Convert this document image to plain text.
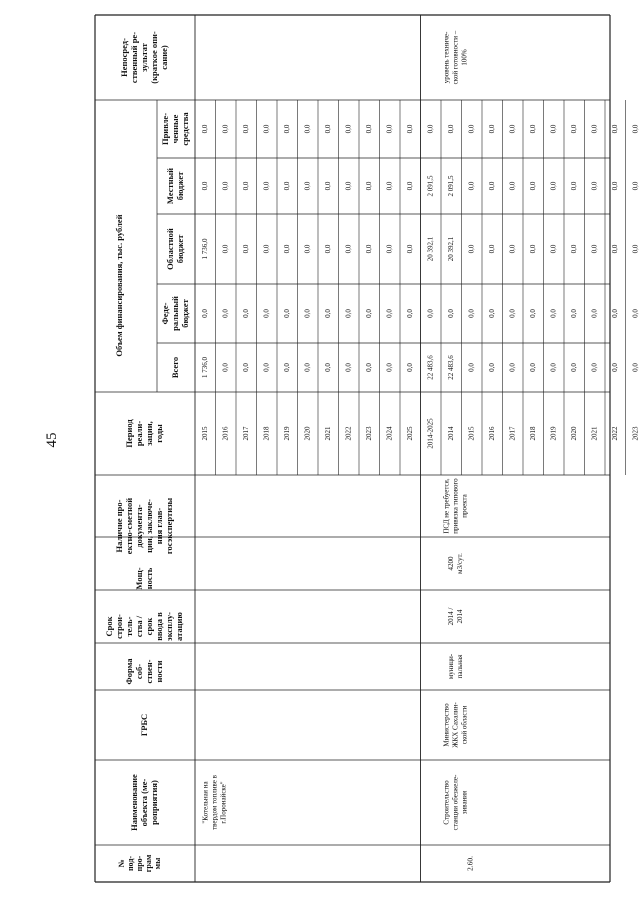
45
Непосред- ственный ре- зультат (краткое опи- сание)
Объем финансирования, тыс. рублей
Привле- ченные средства
Местный бюджет
Областной бюджет
Феде- ральный бюджет
Всего
Период реали- зации, годы
Наличие про- ектно-сметной документа- ции, заключе- ния глав- госэкспертизы
Мощ- ность
Срок строи- тель- ства / срок ввода в эксплу- атацию
Форма соб- ствен- ности
ГРБС
Наименование объекта (ме- роприятия)
№ под- про- грам мы
0,0
0,0
1 736,0
0,0
1 736,0
2015
0,0
0,0
0,0
0,0
0,0
2016
0,0
0,0
0,0
0,0
0,0
2017
0,0
0,0
0,0
0,0
0,0
2018
0,0
0,0
0,0
0,0
0,0
2019
0,0
0,0
0,0
0,0
0,0
2020
0,0
0,0
0,0
0,0
0,0
2021
0,0
0,0
0,0
0,0
0,0
2022
0,0
0,0
0,0
0,0
0,0
2023
0,0
0,0
0,0
0,0
0,0
2024
0,0
0,0
0,0
0,0
0,0
2025
0,0
2 091,5
20 392,1
0,0
22 483,6
2014-2025
0,0
2 091,5
20 392,1
0,0
22 483,6
2014
0,0
0,0
0,0
0,0
0,0
2015
0,0
0,0
0,0
0,0
0,0
2016
0,0
0,0
0,0
0,0
0,0
2017
0,0
0,0
0,0
0,0
0,0
2018
0,0
0,0
0,0
0,0
0,0
2019
0,0
0,0
0,0
0,0
0,0
2020
0,0
0,0
0,0
0,0
0,0
2021
0,0
0,0
0,0
0,0
0,0
2022
0,0
0,0
0,0
0,0
0,0
2023
"Котельная на твердом топливе в г.Поронайске"
2.60.
Строительство станции обезжеле- зивания
Министерство ЖКХ Сахалин- ской области
муници- пальная
2014 / 2014
4200 м3/сут.
ПСД не требуется, привязка типового проекта
уровень техниче- ской готовности – 100%
